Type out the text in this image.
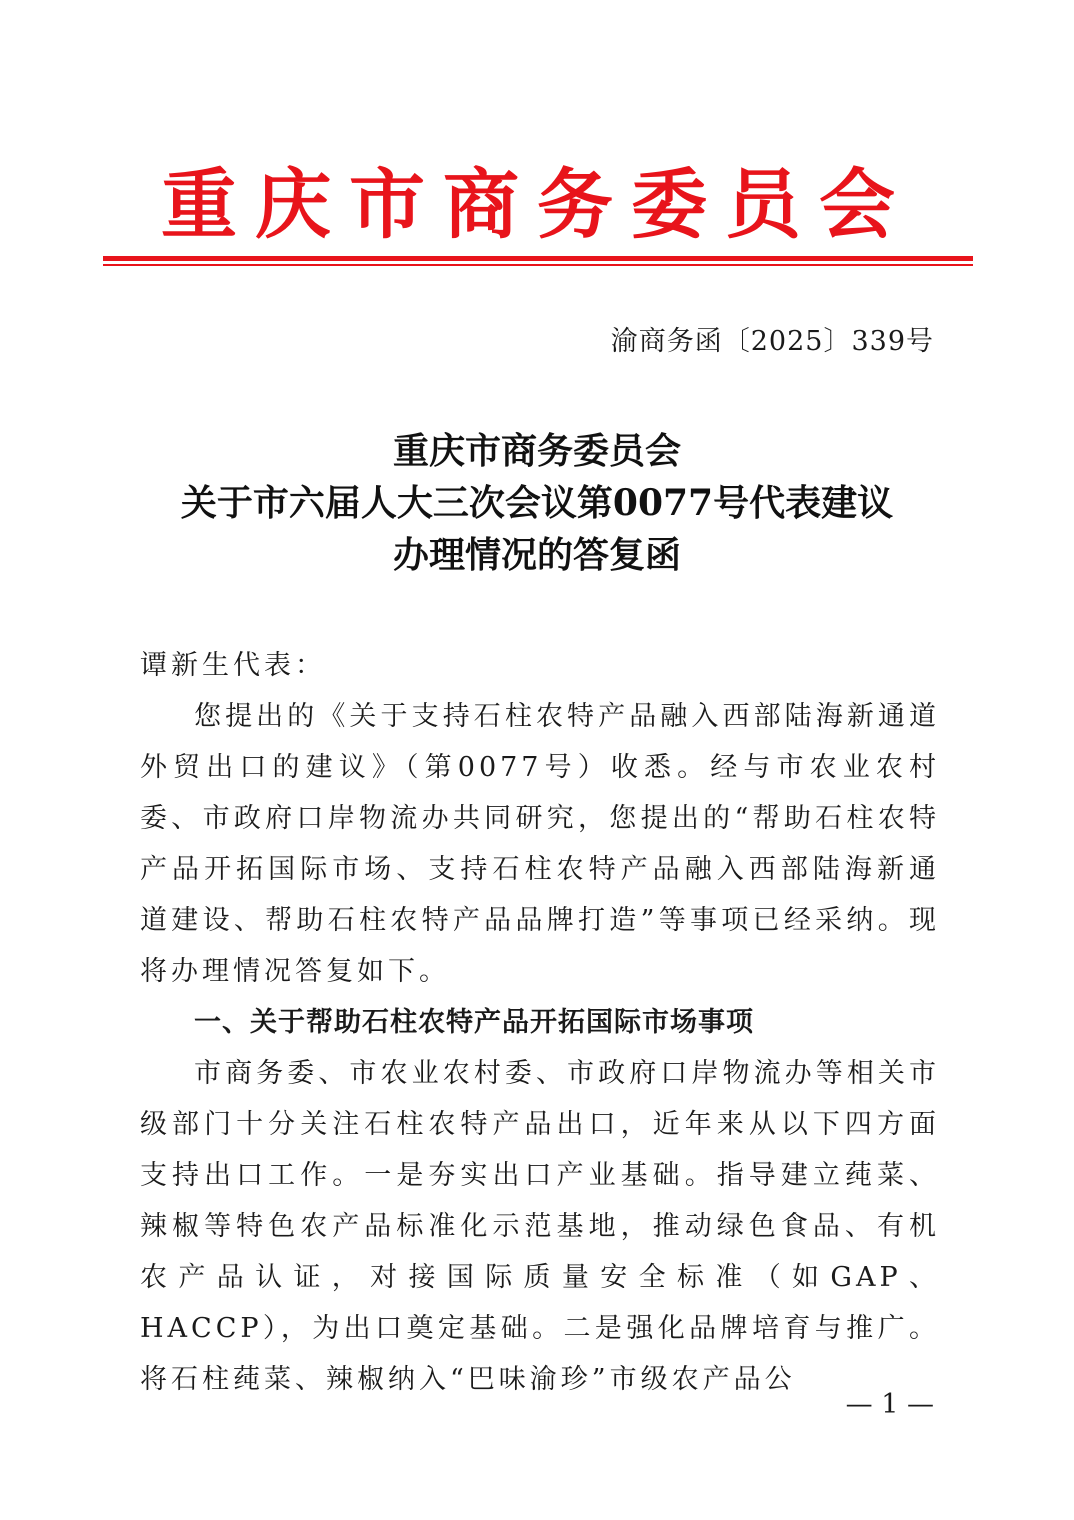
重庆市商务委员会
渝商务函〔2025〕339号
重庆市商务委员会
关于市六届人大三次会议第0077号代表建议
办理情况的答复函

谭新生代表：

您提出的《关于支持石柱农特产品融入西部陆海新通道外贸出口的建议》（第0077号）收悉。经与市农业农村委、市政府口岸物流办共同研究，您提出的“帮助石柱农特产品开拓国际市场、支持石柱农特产品融入西部陆海新通道建设、帮助石柱农特产品品牌打造”等事项已经采纳。现将办理情况答复如下。

一、关于帮助石柱农特产品开拓国际市场事项

市商务委、市农业农村委、市政府口岸物流办等相关市级部门十分关注石柱农特产品出口，近年来从以下四方面支持出口工作。一是夯实出口产业基础。指导建立莼菜、辣椒等特色农产品标准化示范基地，推动绿色食品、有机农产品认证，对接国际质量安全标准（如GAP、HACCP），为出口奠定基础。二是强化品牌培育与推广。将石柱莼菜、辣椒纳入“巴味渝珍”市级农产品公

— 1 —
